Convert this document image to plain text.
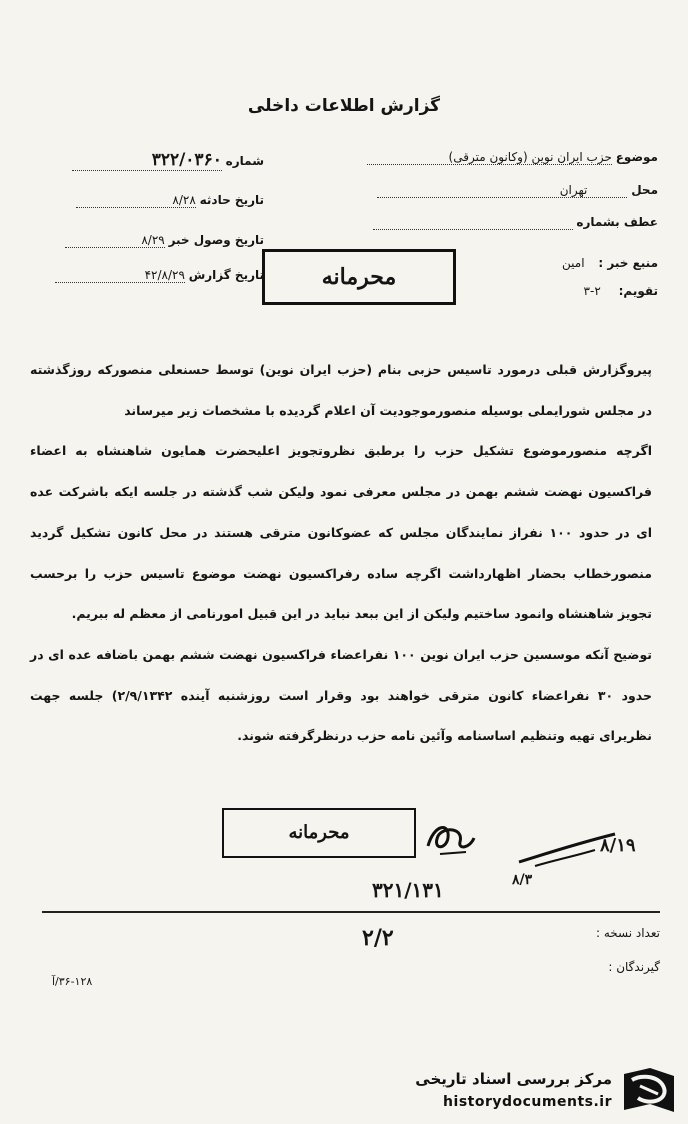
گزارش اطلاعات داخلی
موضوع حزب ایران نوین (وکانون مترقی)
محل تهران
عطف بشماره
منبع خبر : امین
تقویم: ۲-۳
شماره ۳۲۲/۰۳۶۰
تاریخ حادثه ۸/۲۸
تاریخ وصول خبر ۸/۲۹
تاریخ گزارش ۴۲/۸/۲۹	محرمانه

پیروگزارش قبلی درمورد تاسیس حزبی بنام (حزب ایران نوین) توسط حسنعلی منصورکه روزگذشته در مجلس شورایملی بوسیله منصورموجودیت آن اعلام گردیده با مشخصات زیر میرساند

اگرچه منصورموضوع تشکیل حزب را برطبق نظروتجویز اعلیحضرت همایون شاهنشاه به اعضاء فراکسیون نهضت ششم بهمن در مجلس معرفی نمود ولیکن شب گذشته در جلسه ایکه باشرکت عده ای در حدود ۱۰۰ نفراز نمایندگان مجلس که عضوکانون مترقی هستند در محل کانون تشکیل گردید منصورخطاب بحضار اظهارداشت اگرچه ساده رفراکسیون نهضت موضوع تاسیس حزب را برحسب تجویز شاهنشاه وانمود ساختیم ولیکن از این ببعد نباید در این قبیل امورنامی از معظم له ببریم.

توضیح آنکه موسسین حزب ایران نوین ۱۰۰ نفراعضاء فراکسیون نهضت ششم بهمن باضافه عده ای در حدود ۳۰ نفراعضاء کانون مترقی خواهند بود وقرار است روزشنبه آینده ۲/۹/۱۳۴۲) جلسه جهت نظریرای تهیه وتنظیم اساسنامه وآئین نامه حزب درنظرگرفته شوند.

محرمانه
۸/۱۹
۸/۳
۳۲۱/۱۳۱
۲/۲	تعداد نسخه :
گیرندگان :
۳۶-۱۲۸/آ
مرکز بررسی اسناد تاریخی
historydocuments.ir
